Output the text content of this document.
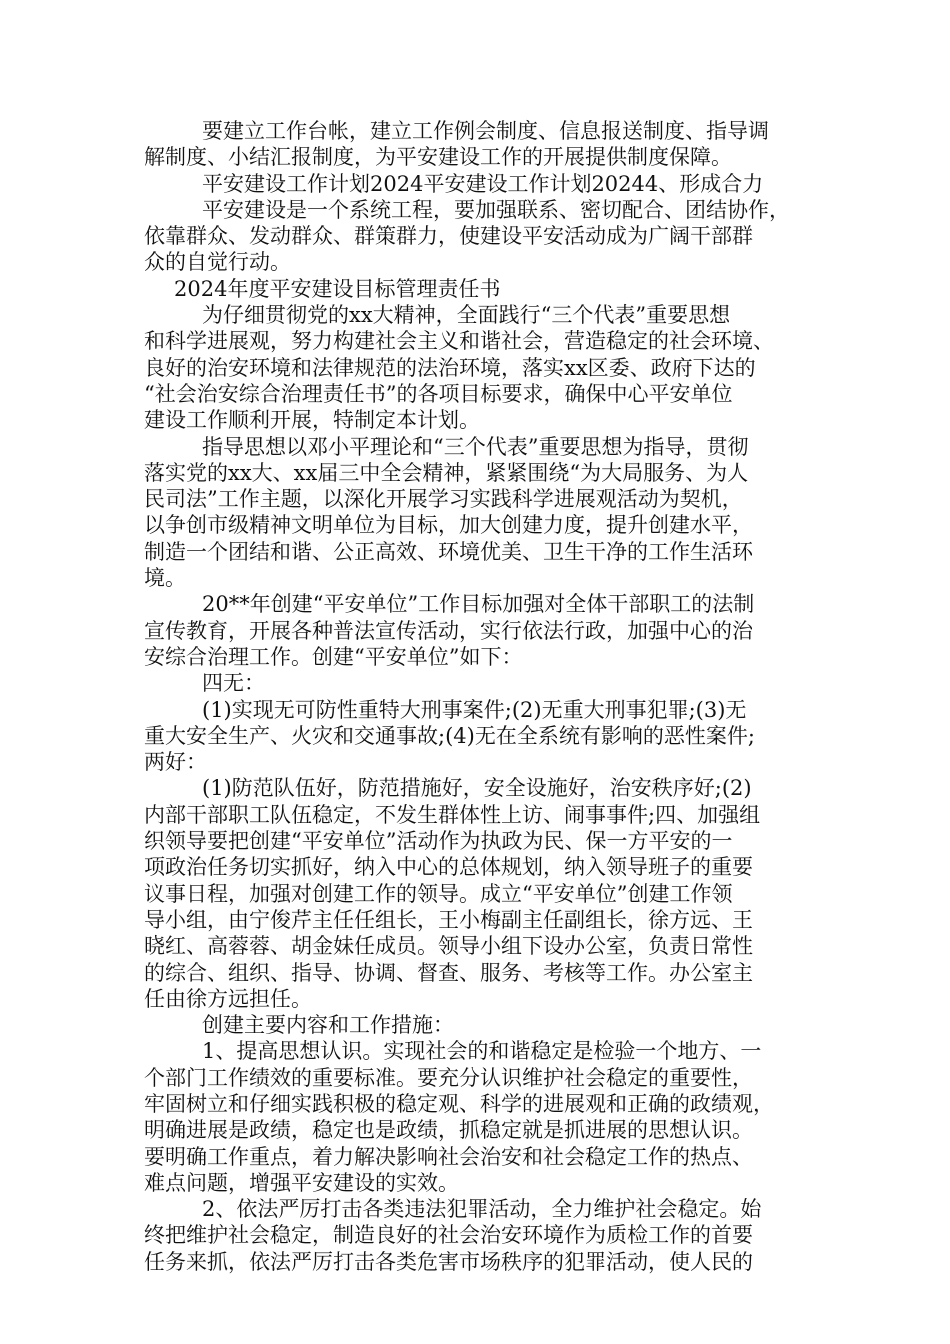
要建立工作台帐，建立工作例会制度、信息报送制度、指导调
解制度、小结汇报制度，为平安建设工作的开展提供制度保障。
平安建设工作计划2024平安建设工作计划20244、形成合力
平安建设是一个系统工程，要加强联系、密切配合、团结协作，
依靠群众、发动群众、群策群力，使建设平安活动成为广阔干部群
众的自觉行动。
2024年度平安建设目标管理责任书
为仔细贯彻党的xx大精神，全面践行“三个代表”重要思想
和科学进展观，努力构建社会主义和谐社会，营造稳定的社会环境、
良好的治安环境和法律规范的法治环境，落实xx区委、政府下达的
“社会治安综合治理责任书”的各项目标要求，确保中心平安单位
建设工作顺利开展，特制定本计划。
指导思想以邓小平理论和“三个代表”重要思想为指导，贯彻
落实党的xx大、xx届三中全会精神，紧紧围绕“为大局服务、为人
民司法”工作主题，以深化开展学习实践科学进展观活动为契机，
以争创市级精神文明单位为目标，加大创建力度，提升创建水平，
制造一个团结和谐、公正高效、环境优美、卫生干净的工作生活环
境。
20**年创建“平安单位”工作目标加强对全体干部职工的法制
宣传教育，开展各种普法宣传活动，实行依法行政，加强中心的治
安综合治理工作。创建“平安单位”如下：
四无：
(1)实现无可防性重特大刑事案件;(2)无重大刑事犯罪;(3)无
重大安全生产、火灾和交通事故;(4)无在全系统有影响的恶性案件;
两好：
(1)防范队伍好，防范措施好，安全设施好，治安秩序好;(2)
内部干部职工队伍稳定，不发生群体性上访、闹事事件;四、加强组
织领导要把创建“平安单位”活动作为执政为民、保一方平安的一
项政治任务切实抓好，纳入中心的总体规划，纳入领导班子的重要
议事日程，加强对创建工作的领导。成立“平安单位”创建工作领
导小组，由宁俊芹主任任组长，王小梅副主任副组长，徐方远、王
晓红、高蓉蓉、胡金妹任成员。领导小组下设办公室，负责日常性
的综合、组织、指导、协调、督查、服务、考核等工作。办公室主
任由徐方远担任。
创建主要内容和工作措施：
1、提高思想认识。实现社会的和谐稳定是检验一个地方、一
个部门工作绩效的重要标准。要充分认识维护社会稳定的重要性，
牢固树立和仔细实践积极的稳定观、科学的进展观和正确的政绩观，
明确进展是政绩，稳定也是政绩，抓稳定就是抓进展的思想认识。
要明确工作重点，着力解决影响社会治安和社会稳定工作的热点、
难点问题，增强平安建设的实效。
2、依法严厉打击各类违法犯罪活动，全力维护社会稳定。始
终把维护社会稳定，制造良好的社会治安环境作为质检工作的首要
任务来抓，依法严厉打击各类危害市场秩序的犯罪活动，使人民的
